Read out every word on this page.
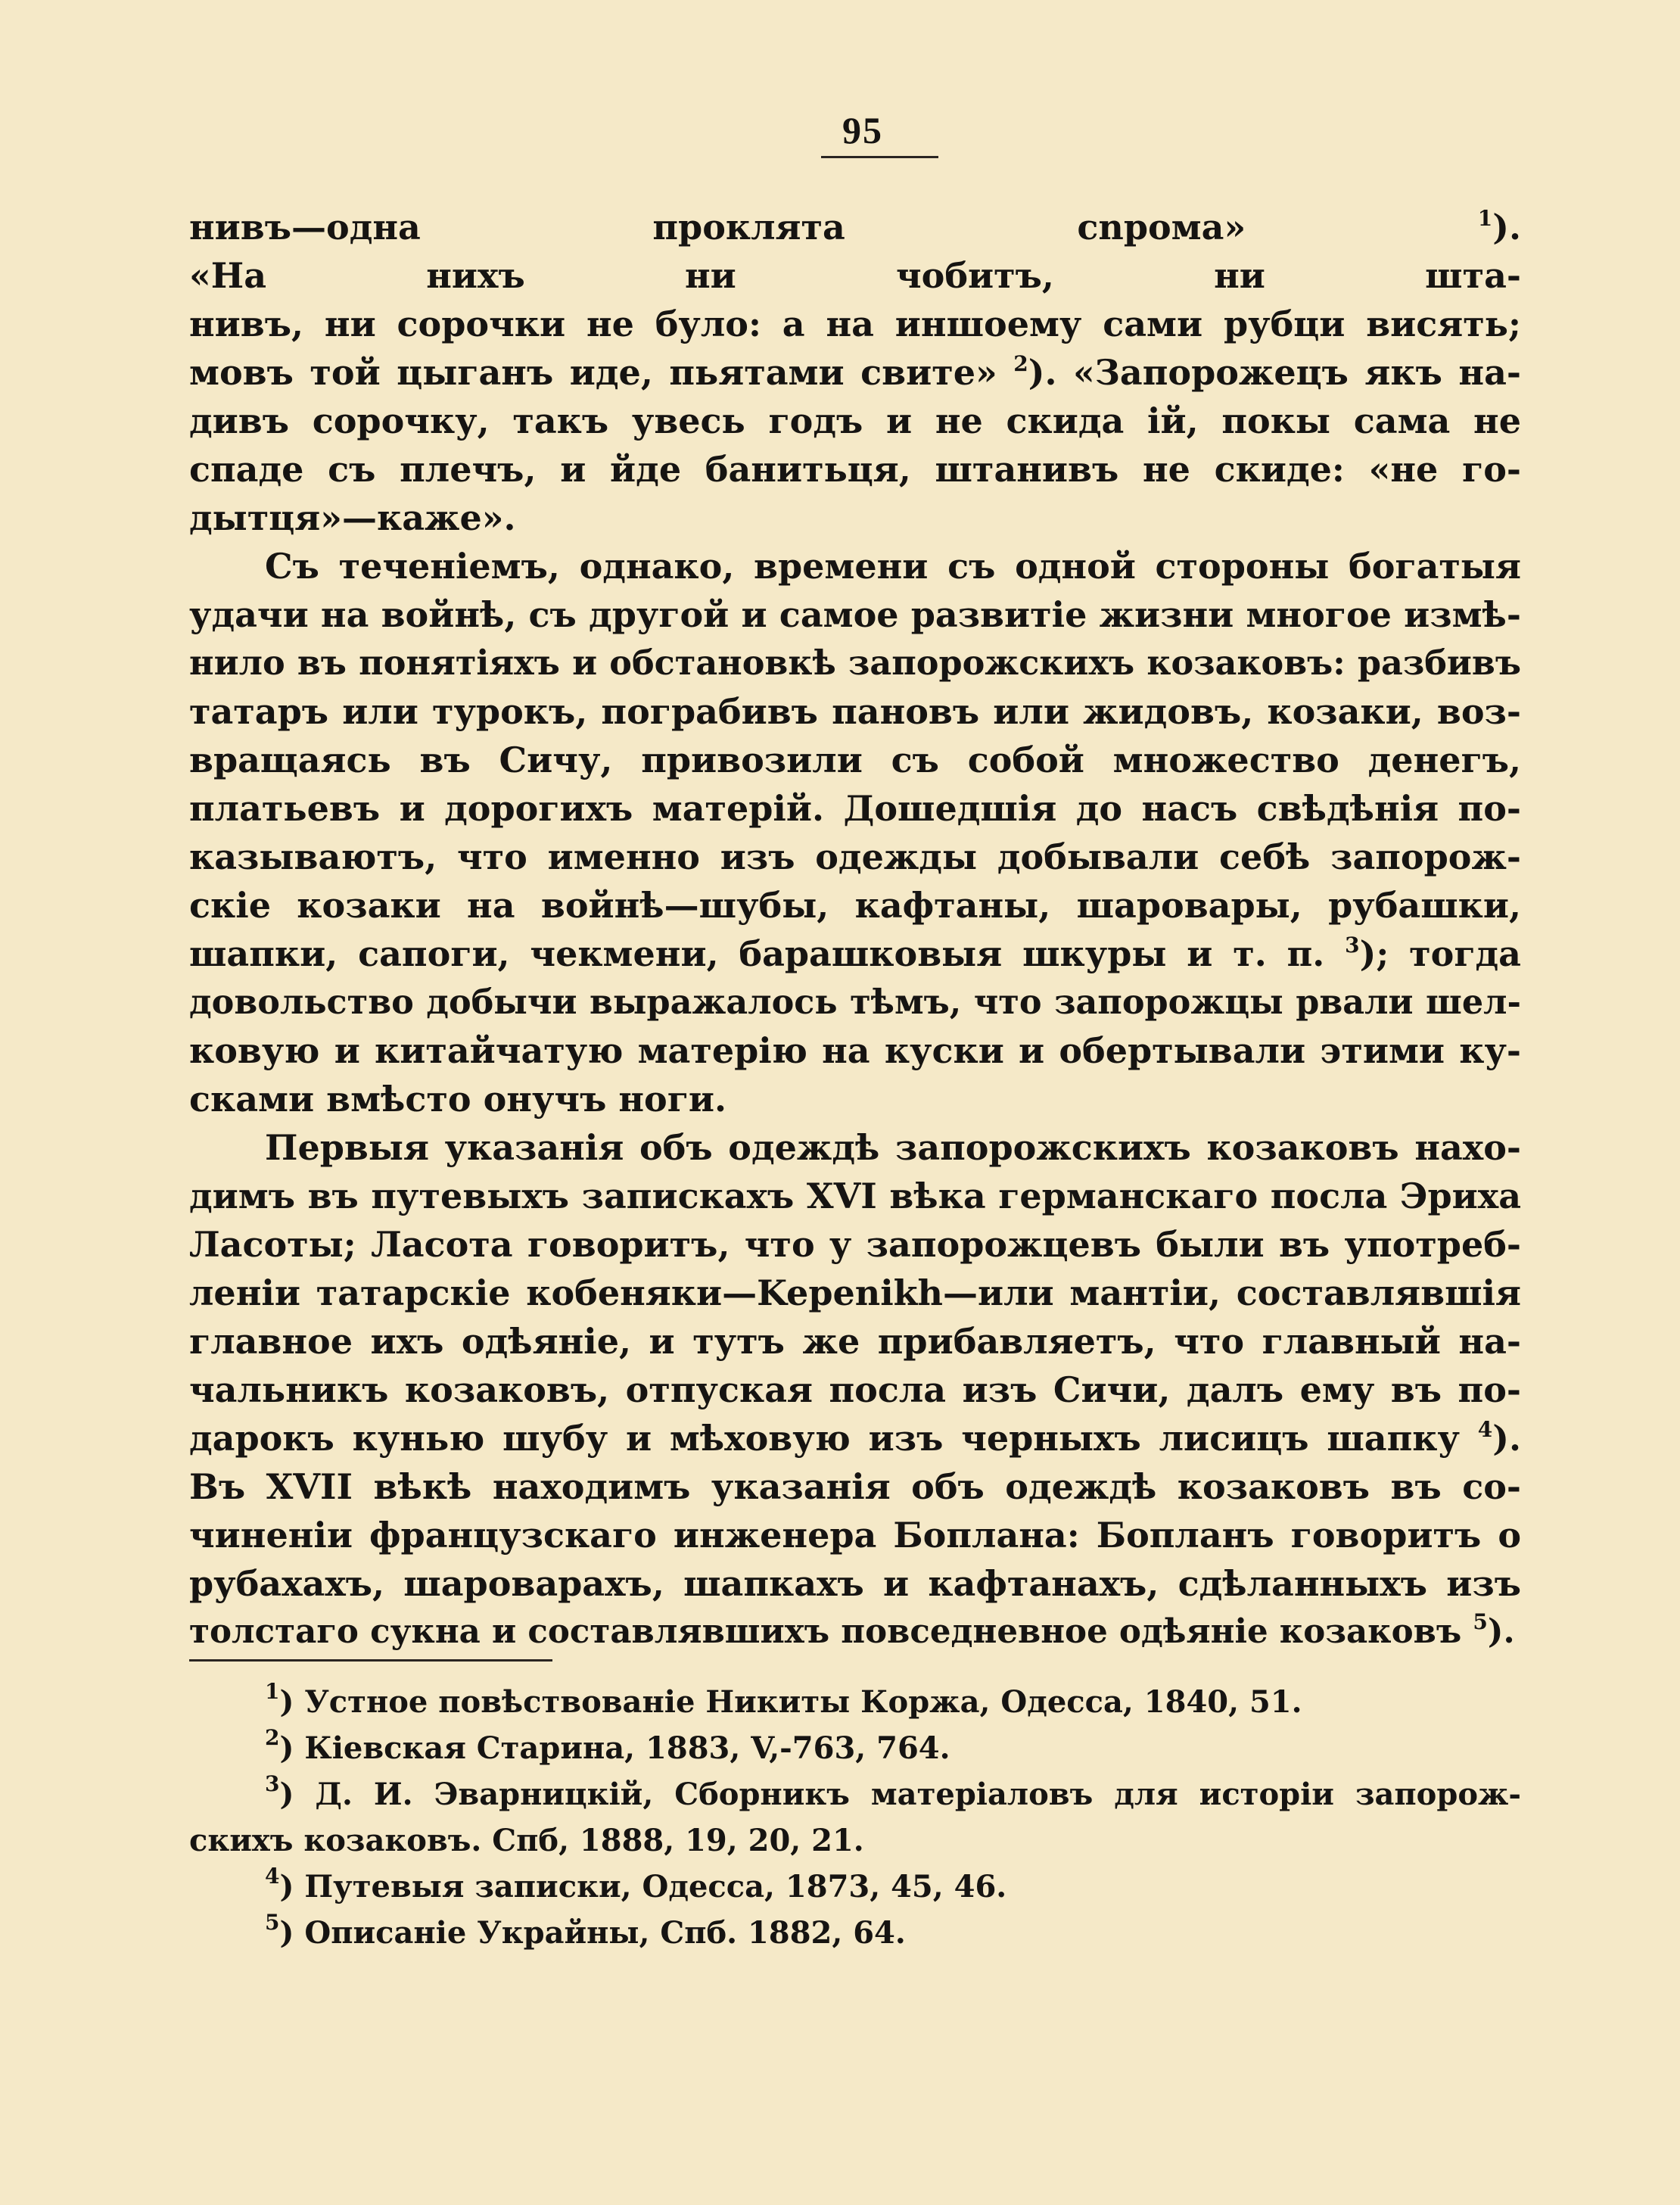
95
нивъ—одна проклята сnpoма»	$^1$).
«На нихъ ни чобитъ, ни шта-
нивъ, ни сорочки не було: а на иншоему сами рубци висять;
мовъ той цыганъ иде, пьятами свите» $^2$). «Запорожецъ якъ на-
дивъ сорочку, такъ увесь годъ и не скида ій, покы сама не
спаде съ плечъ, и йде банитьця, штанивъ не скиде: «не го-
дытця»—каже».
Съ теченіемъ, однако, времени съ одной стороны богатыя
удачи на войнѣ, съ другой и самое развитіе жизни многое измѣ-
нило въ понятіяхъ и обстановкѣ запорожскихъ козаковъ: разбивъ
татаръ или турокъ, пограбивъ пановъ или жидовъ, козаки, воз-
вращаясь въ Сичу, привозили съ собой множество денегъ,
платьевъ и дорогихъ матерій. Дошедшія до насъ свѣдѣнія по-
казываютъ, что именно изъ одежды добывали себѣ запорож-
скіе козаки на войнѣ—шубы, кафтаны, шаровары, рубашки,
шапки, сапоги, чекмени, барашковыя шкуры и т. п. $^3$); тогда
довольство добычи выражалось тѣмъ, что запорожцы рвали шел-
ковую и китайчатую матерію на куски и обертывали этими ку-
сками вмѣсто онучъ ноги.
Первыя указанія объ одеждѣ запорожскихъ козаковъ нахо-
димъ въ путевыхъ запискахъ XVI вѣка германскаго посла Эриха
Ласоты; Ласота говоритъ, что у запорожцевъ были въ употреб-
леніи татарскіе кобеняки—Kepenikh—или мантіи, составлявшія
главное ихъ одѣяніе, и тутъ же прибавляетъ, что главный на-
чальникъ козаковъ, отпуская посла изъ Сичи, далъ ему въ по-
дарокъ кунью шубу и мѣховую изъ черныхъ лисицъ шапку $^4$).
Въ XVII вѣкѣ находимъ указанія объ одеждѣ козаковъ въ со-
чиненіи французскаго инженера Боплана: Бопланъ говоритъ о
рубахахъ, шароварахъ, шапкахъ и кафтанахъ, сдѣланныхъ изъ
толстаго сукна и составлявшихъ повседневное одѣяніе козаковъ $^5$).
$^1$) Устное повѣствованіе Никиты Коржа, Одесса, 1840, 51.
$^2$) Кіевская Старина, 1883, V,-763, 764.
$^3$) Д. И. Эварницкій, Сборникъ матеріаловъ для исторіи запорож-
скихъ козаковъ. Спб, 1888, 19, 20, 21.
$^4$) Путевыя записки, Одесса, 1873, 45, 46.
$^5$) Описаніе Украйны, Спб. 1882, 64.
